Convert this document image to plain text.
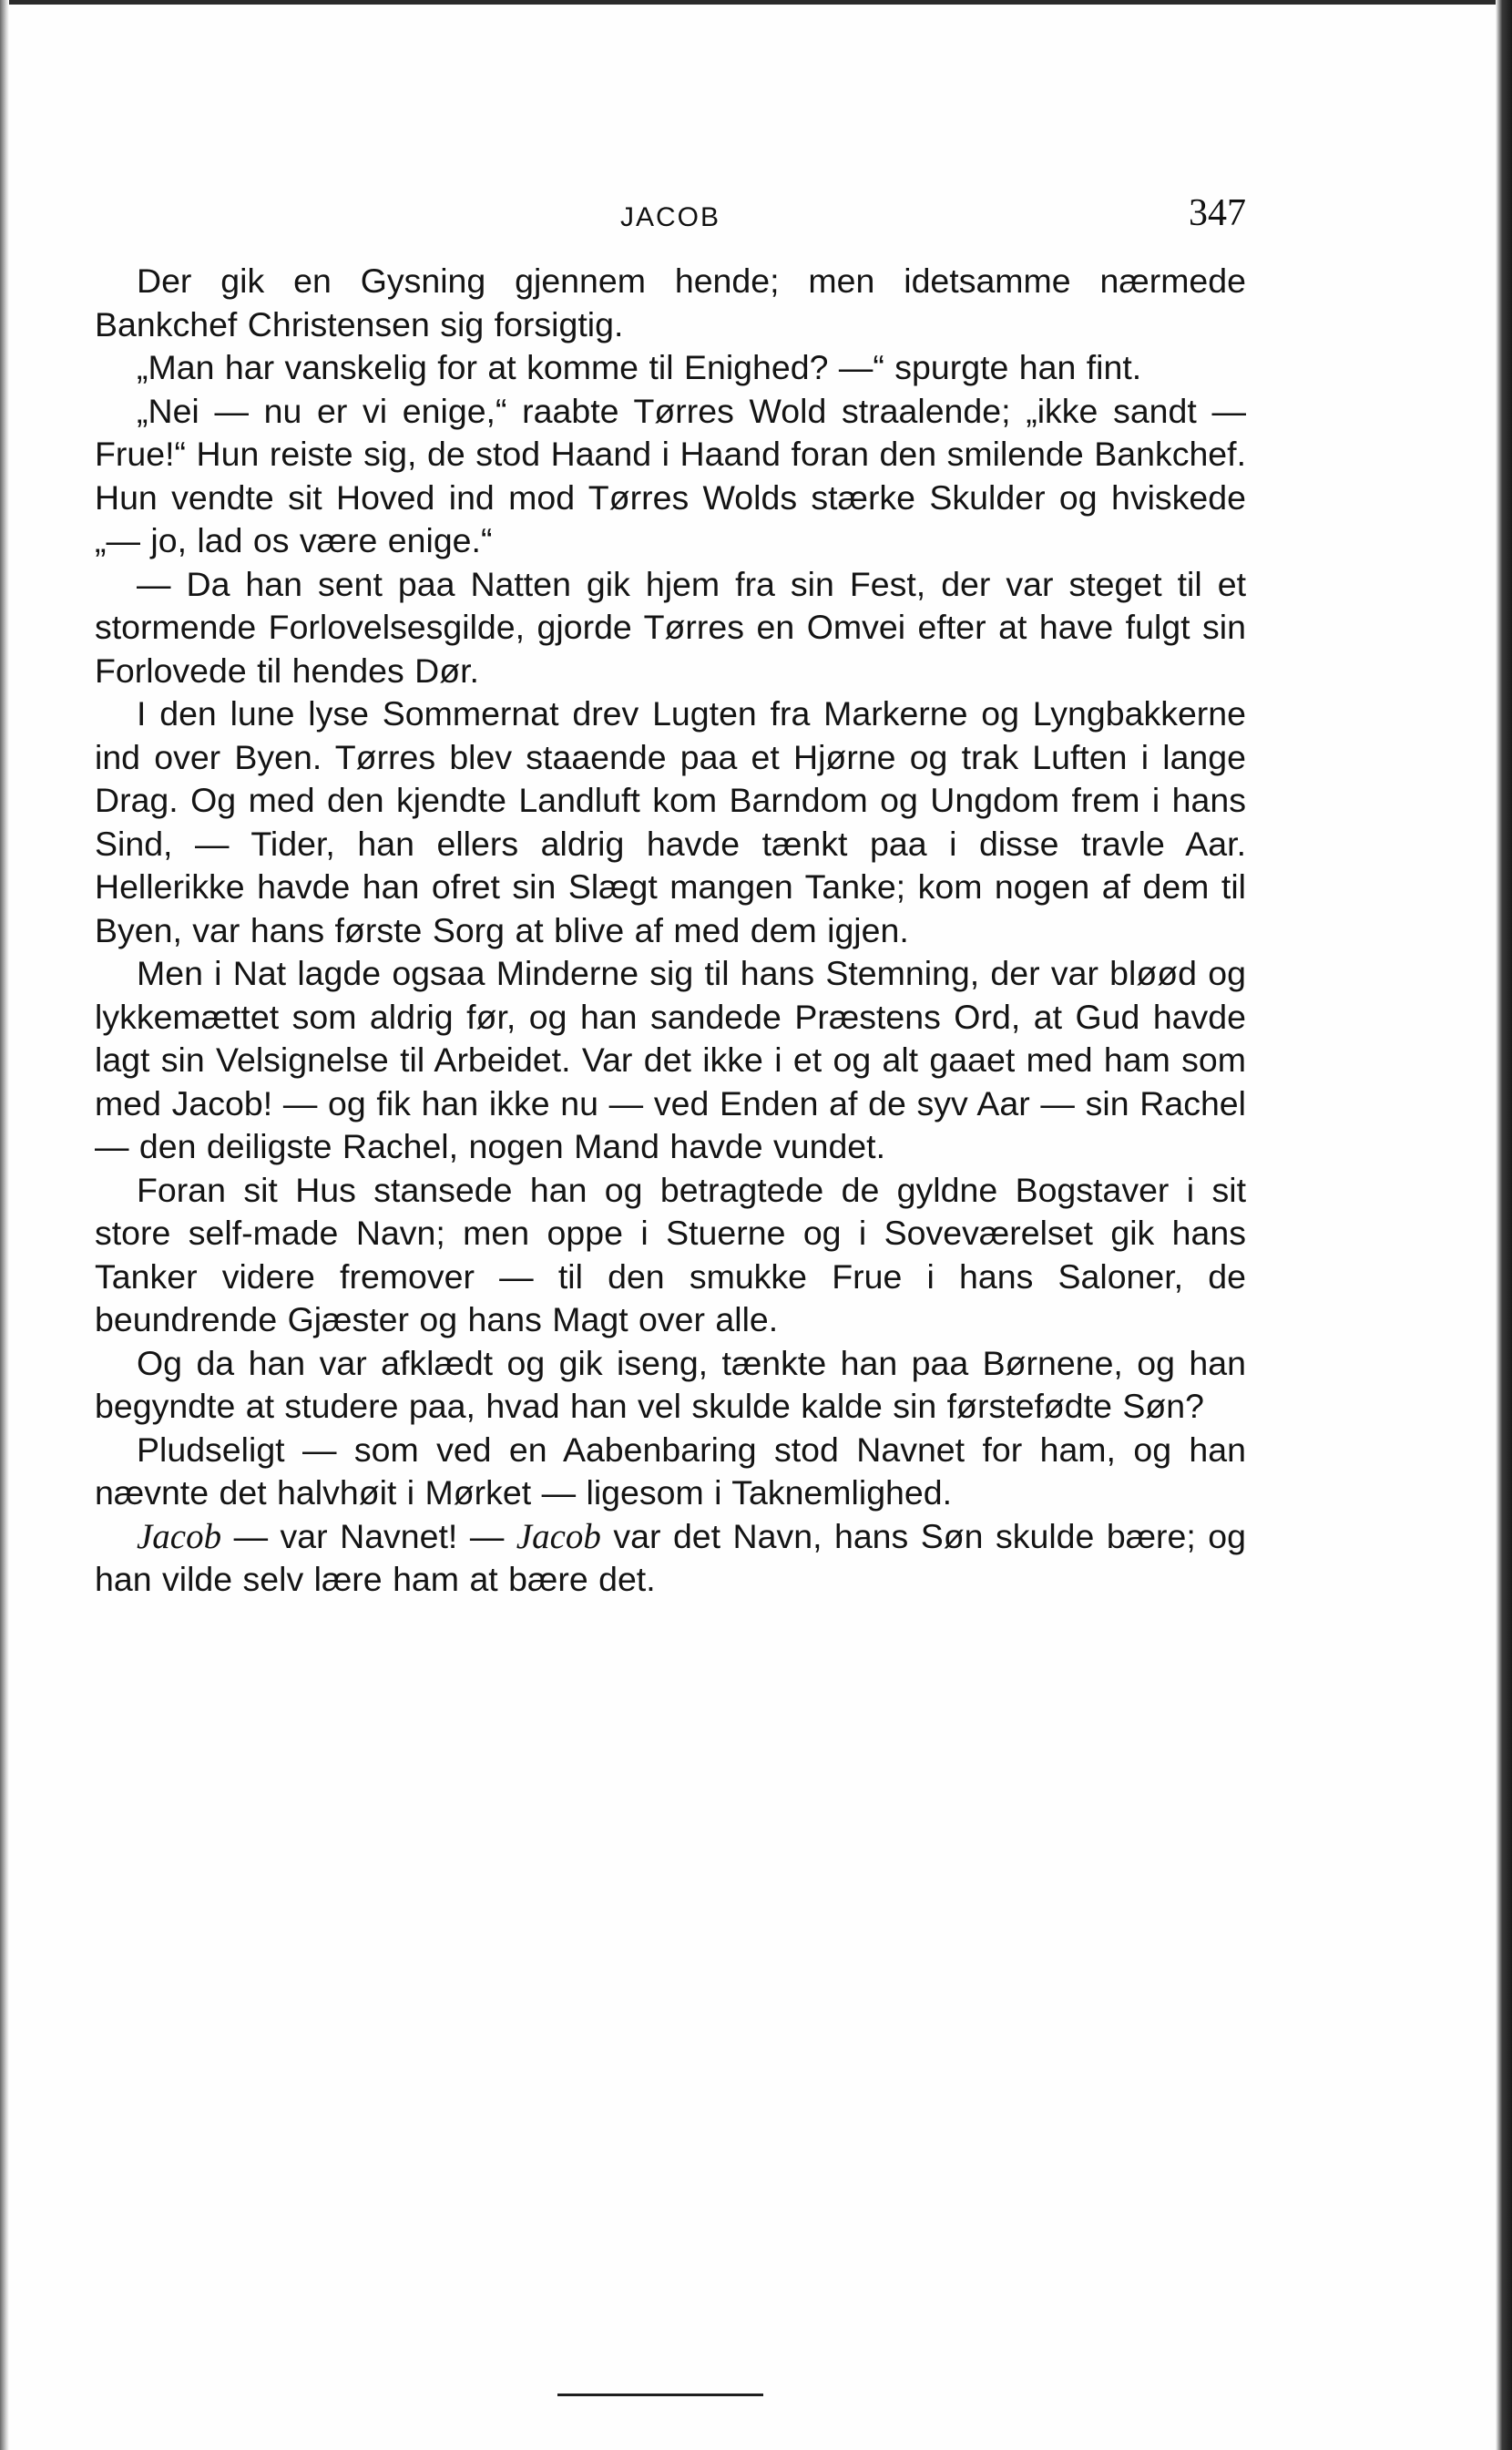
JACOB	347

Der gik en Gysning gjennem hende; men idetsamme nærmede Bankchef Christensen sig forsigtig.

„Man har vanskelig for at komme til Enighed? —“ spurgte han fint.

„Nei — nu er vi enige,“ raabte Tørres Wold straalende; „ikke sandt — Frue!“ Hun reiste sig, de stod Haand i Haand foran den smilende Bankchef. Hun vendte sit Hoved ind mod Tørres Wolds stærke Skulder og hviskede „— jo, lad os være enige.“

— Da han sent paa Natten gik hjem fra sin Fest, der var steget til et stormende Forlovelsesgilde, gjorde Tørres en Omvei efter at have fulgt sin Forlovede til hendes Dør.

I den lune lyse Sommernat drev Lugten fra Markerne og Lyngbakkerne ind over Byen. Tørres blev staaende paa et Hjørne og trak Luften i lange Drag. Og med den kjendte Landluft kom Barndom og Ungdom frem i hans Sind, — Tider, han ellers aldrig havde tænkt paa i disse travle Aar. Hellerikke havde han ofret sin Slægt mangen Tanke; kom nogen af dem til Byen, var hans første Sorg at blive af med dem igjen.

Men i Nat lagde ogsaa Minderne sig til hans Stemning, der var bløød og lykkemættet som aldrig før, og han sandede Præstens Ord, at Gud havde lagt sin Velsignelse til Arbeidet. Var det ikke i et og alt gaaet med ham som med Jacob! — og fik han ikke nu — ved Enden af de syv Aar — sin Rachel — den deiligste Rachel, nogen Mand havde vundet.

Foran sit Hus stansede han og betragtede de gyldne Bogstaver i sit store self-made Navn; men oppe i Stuerne og i Soveværelset gik hans Tanker videre fremover — til den smukke Frue i hans Saloner, de beundrende Gjæster og hans Magt over alle.

Og da han var afklædt og gik iseng, tænkte han paa Børnene, og han begyndte at studere paa, hvad han vel skulde kalde sin førstefødte Søn?

Pludseligt — som ved en Aabenbaring stod Navnet for ham, og han nævnte det halvhøit i Mørket — ligesom i Taknemlighed.

Jacob — var Navnet! — Jacob var det Navn, hans Søn skulde bære; og han vilde selv lære ham at bære det.
